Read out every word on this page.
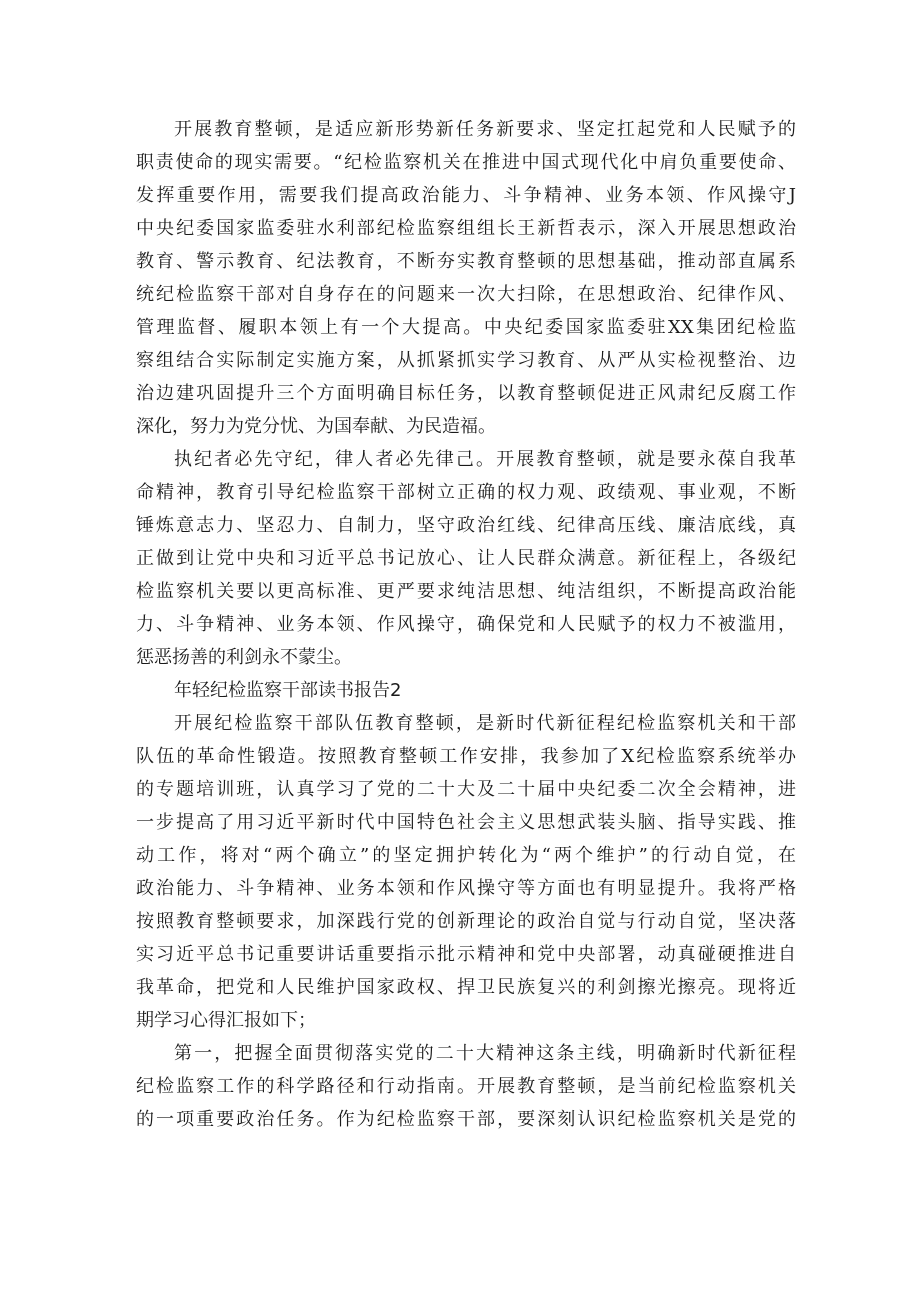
开展教育整顿，是适应新形势新任务新要求、坚定扛起党和人民赋予的
职责使命的现实需要。“纪检监察机关在推进中国式现代化中肩负重要使命、
发挥重要作用，需要我们提高政治能力、斗争精神、业务本领、作风操守J
中央纪委国家监委驻水利部纪检监察组组长王新哲表示，深入开展思想政治
教育、警示教育、纪法教育，不断夯实教育整顿的思想基础，推动部直属系
统纪检监察干部对自身存在的问题来一次大扫除，在思想政治、纪律作风、
管理监督、履职本领上有一个大提高。中央纪委国家监委驻XX集团纪检监
察组结合实际制定实施方案，从抓紧抓实学习教育、从严从实检视整治、边
治边建巩固提升三个方面明确目标任务，以教育整顿促进正风肃纪反腐工作
深化，努力为党分忧、为国奉献、为民造福。
执纪者必先守纪，律人者必先律己。开展教育整顿，就是要永葆自我革
命精神，教育引导纪检监察干部树立正确的权力观、政绩观、事业观，不断
锤炼意志力、坚忍力、自制力，坚守政治红线、纪律高压线、廉洁底线，真
正做到让党中央和习近平总书记放心、让人民群众满意。新征程上，各级纪
检监察机关要以更高标准、更严要求纯洁思想、纯洁组织，不断提高政治能
力、斗争精神、业务本领、作风操守，确保党和人民赋予的权力不被滥用，
惩恶扬善的利剑永不蒙尘。
年轻纪检监察干部读书报告2
开展纪检监察干部队伍教育整顿，是新时代新征程纪检监察机关和干部
队伍的革命性锻造。按照教育整顿工作安排，我参加了X纪检监察系统举办
的专题培训班，认真学习了党的二十大及二十届中央纪委二次全会精神，进
一步提高了用习近平新时代中国特色社会主义思想武装头脑、指导实践、推
动工作，将对“两个确立”的坚定拥护转化为“两个维护”的行动自觉，在
政治能力、斗争精神、业务本领和作风操守等方面也有明显提升。我将严格
按照教育整顿要求，加深践行党的创新理论的政治自觉与行动自觉，坚决落
实习近平总书记重要讲话重要指示批示精神和党中央部署，动真碰硬推进自
我革命，把党和人民维护国家政权、捍卫民族复兴的利剑擦光擦亮。现将近
期学习心得汇报如下；
第一，把握全面贯彻落实党的二十大精神这条主线，明确新时代新征程
纪检监察工作的科学路径和行动指南。开展教育整顿，是当前纪检监察机关
的一项重要政治任务。作为纪检监察干部，要深刻认识纪检监察机关是党的
